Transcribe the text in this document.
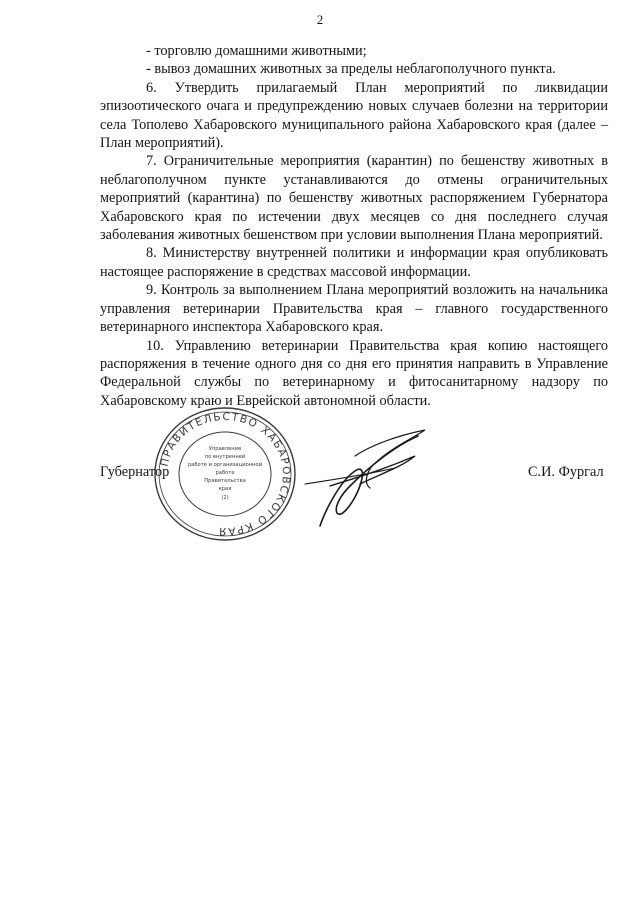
2

- торговлю домашними животными;

- вывоз домашних животных за пределы неблагополучного пункта.

6. Утвердить прилагаемый План мероприятий по ликвидации эпизоотического очага и предупреждению новых случаев болезни на территории села Тополево Хабаровского муниципального района Хабаровского края (далее – План мероприятий).

7. Ограничительные мероприятия (карантин) по бешенству животных в неблагополучном пункте устанавливаются до отмены ограничительных мероприятий (карантина) по бешенству животных распоряжением Губернатора Хабаровского края по истечении двух месяцев со дня последнего случая заболевания животных бешенством при условии выполнения Плана мероприятий.

8. Министерству внутренней политики и информации края опубликовать настоящее распоряжение в средствах массовой информации.

9. Контроль за выполнением Плана мероприятий возложить на начальника управления ветеринарии Правительства края – главного государственного ветеринарного инспектора Хабаровского края.

10. Управлению ветеринарии Правительства края копию настоящего распоряжения в течение одного дня со дня его принятия направить в Управление Федеральной службы по ветеринарному и фитосанитарному надзору по Хабаровскому краю и Еврейской автономной области.

ПРАВИТЕЛЬСТВО ХАБАРОВСКОГО КРАЯ
Управление
по внутренней
работе и организационной
работе
Правительства
края
(2)
Губернатор	С.И. Фургал
